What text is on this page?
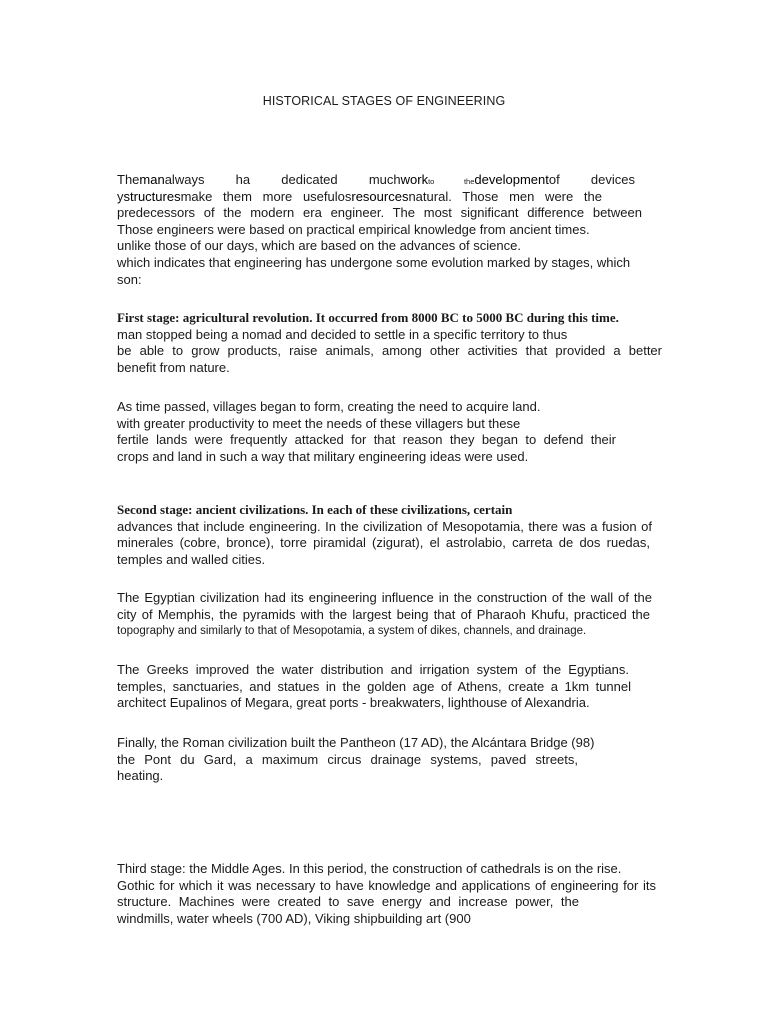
HISTORICAL STAGES OF ENGINEERING
Themanalways ha dedicated muchworkto thedevelopmentof devices
ystructuresmake them more usefulosresourcesnatural. Those men were the
predecessors of the modern era engineer. The most significant difference between
Those engineers were based on practical empirical knowledge from ancient times.
unlike those of our days, which are based on the advances of science.
which indicates that engineering has undergone some evolution marked by stages, which
son:
First stage: agricultural revolution. It occurred from 8000 BC to 5000 BC during this time.
man stopped being a nomad and decided to settle in a specific territory to thus
be able to grow products, raise animals, among other activities that provided a better
benefit from nature.
As time passed, villages began to form, creating the need to acquire land.
with greater productivity to meet the needs of these villagers but these
fertile lands were frequently attacked for that reason they began to defend their
crops and land in such a way that military engineering ideas were used.
Second stage: ancient civilizations. In each of these civilizations, certain
advances that include engineering. In the civilization of Mesopotamia, there was a fusion of
minerales (cobre, bronce), torre piramidal (zigurat), el astrolabio, carreta de dos ruedas,
temples and walled cities.
The Egyptian civilization had its engineering influence in the construction of the wall of the
city of Memphis, the pyramids with the largest being that of Pharaoh Khufu, practiced the
topography and similarly to that of Mesopotamia, a system of dikes, channels, and drainage.
The Greeks improved the water distribution and irrigation system of the Egyptians.
temples, sanctuaries, and statues in the golden age of Athens, create a 1km tunnel
architect Eupalinos of Megara, great ports - breakwaters, lighthouse of Alexandria.
Finally, the Roman civilization built the Pantheon (17 AD), the Alcántara Bridge (98)
the Pont du Gard, a maximum circus drainage systems, paved streets,
heating.
Third stage: the Middle Ages. In this period, the construction of cathedrals is on the rise.
Gothic for which it was necessary to have knowledge and applications of engineering for its
structure. Machines were created to save energy and increase power, the
windmills, water wheels (700 AD), Viking shipbuilding art (900
